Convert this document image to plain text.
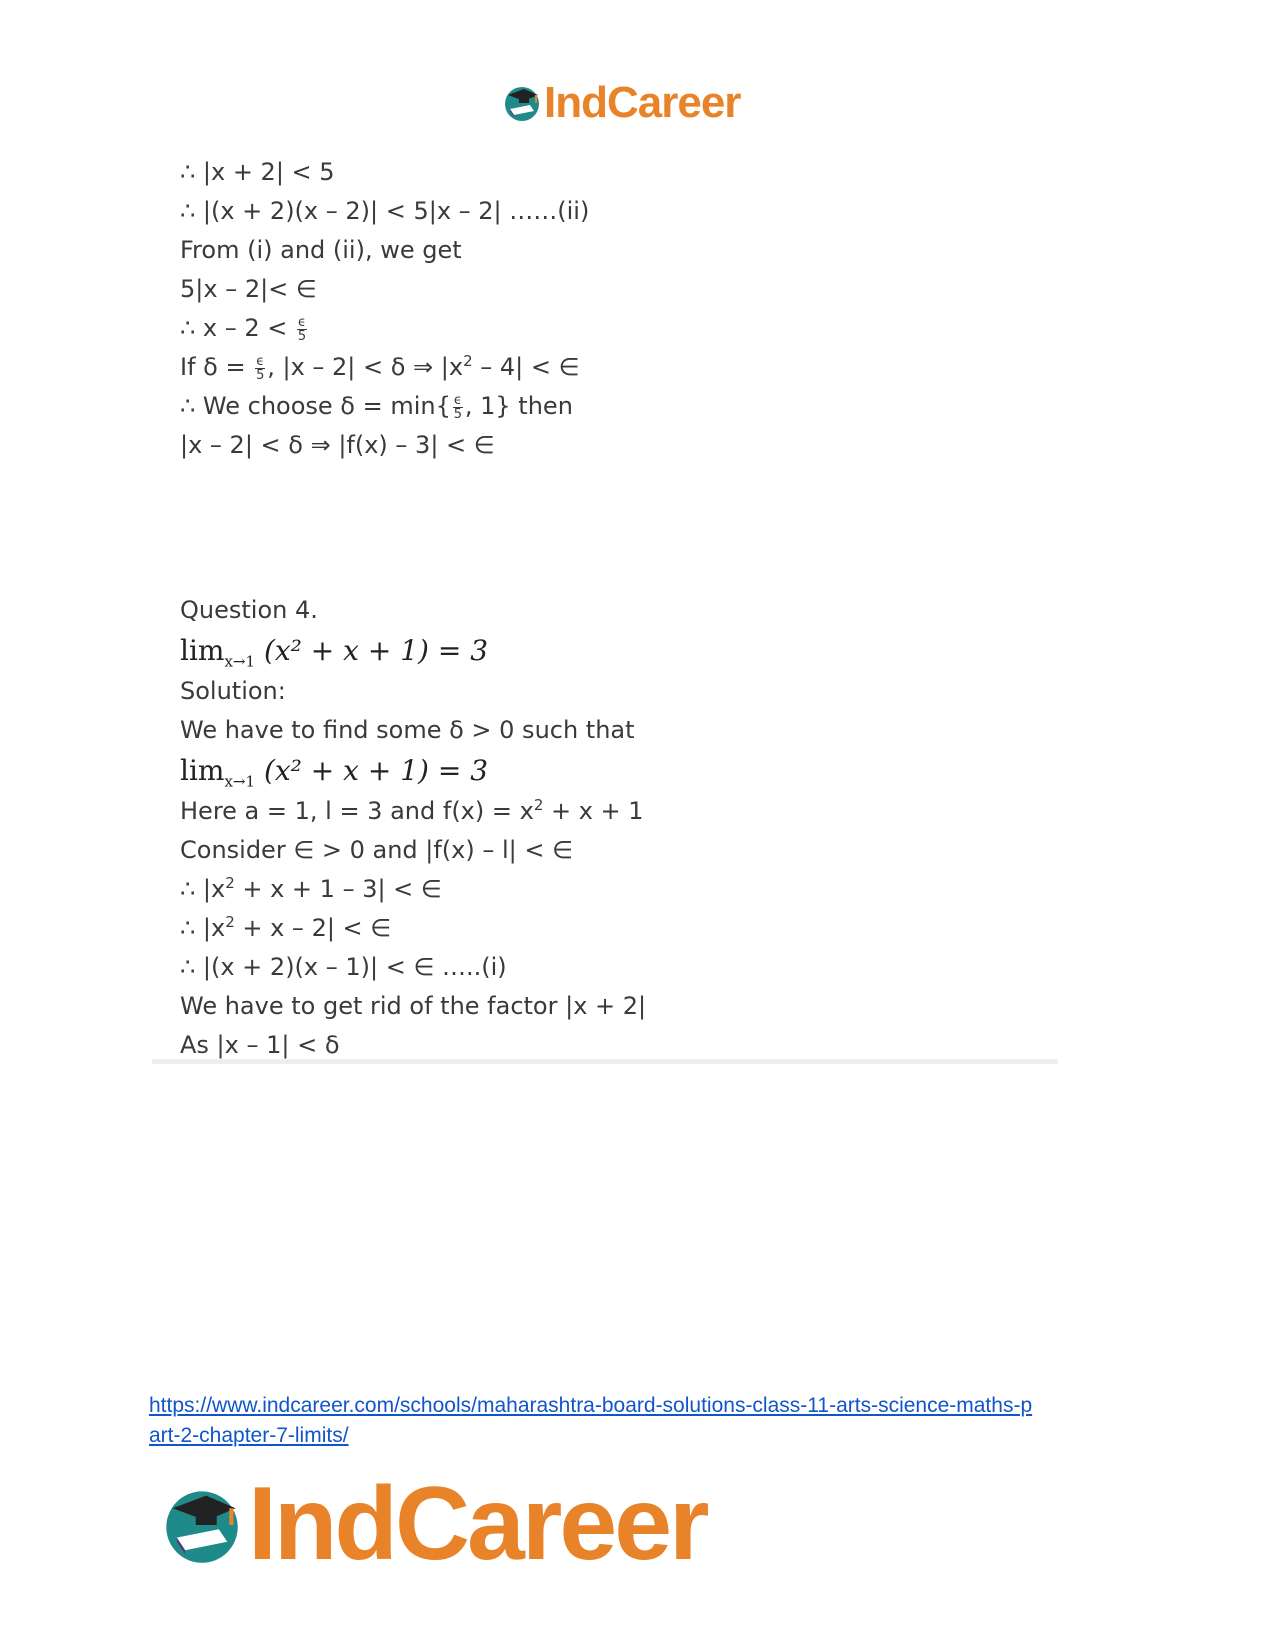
IndCareer
∴ |x + 2| < 5
∴ |(x + 2)(x – 2)| < 5|x – 2| ……(ii)
From (i) and (ii), we get
5|x – 2|< ∈
∴ $x - 2 < \frac{\epsilon}{5}$
If $\delta = \frac{\epsilon}{5}$ , |x – 2| < δ ⇒ $|x^2 - 4|$ < ∈
∴ We choose $\delta = \min\{ \frac{\epsilon}{5}$ , 1} then
|x – 2| < δ ⇒ |f(x) – 3| < ∈
Question 4.
$\lim_{x\to 1} (x^2 + x + 1) = 3$
Solution:
We have to find some δ > 0 such that
$\lim_{x\to 1} (x^2 + x + 1) = 3$
Here a = 1, l = 3 and $f(x) = x^2 + x + 1$
Consider ∈ > 0 and |f(x) – l| < ∈
∴ $|x^2 + x + 1 - 3|$ < ∈
∴ $|x^2 + x - 2|$ < ∈
∴ |(x + 2)(x – 1)| < ∈ …..(i)
We have to get rid of the factor |x + 2|
As |x – 1| < δ
https://www.indcareer.com/schools/maharashtra-board-solutions-class-11-arts-science-maths-p
art-2-chapter-7-limits/
IndCareer
